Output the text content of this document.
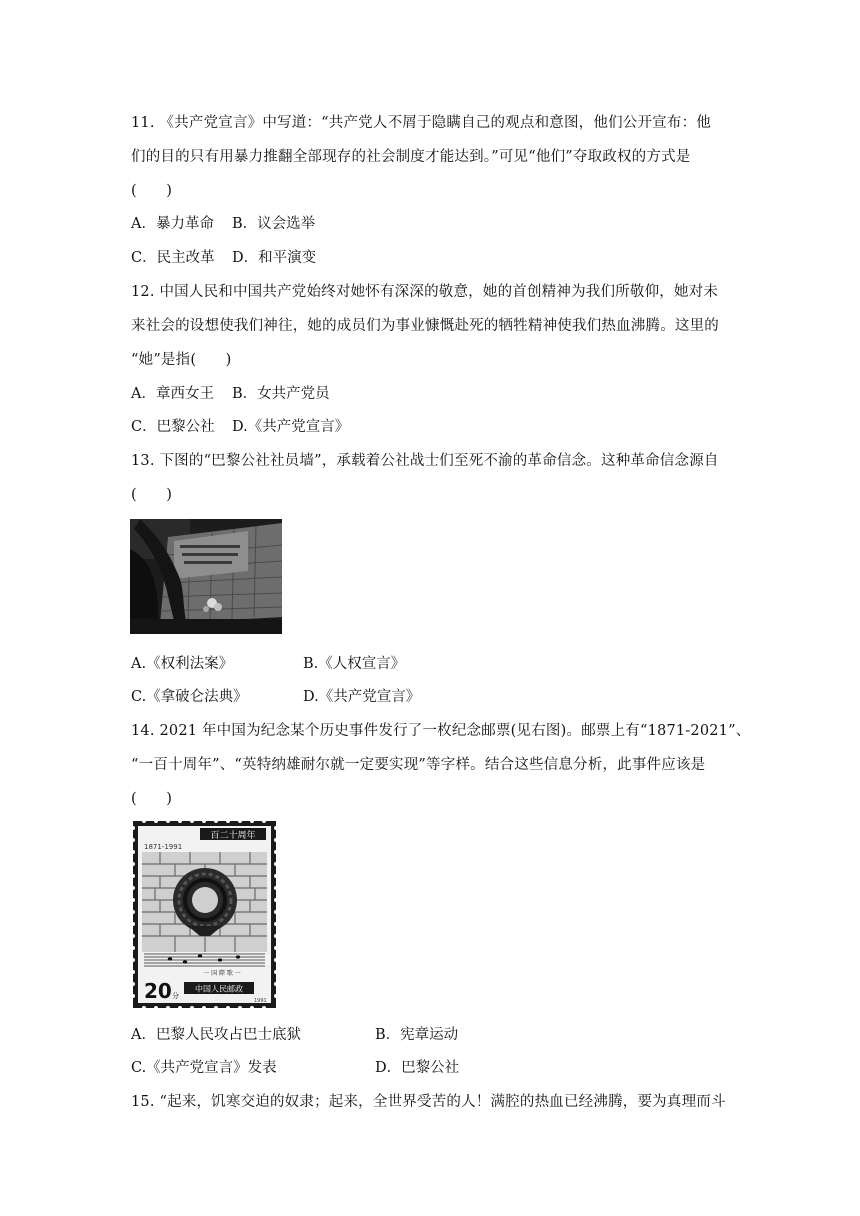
11. 《共产党宣言》中写道：“共产党人不屑于隐瞒自己的观点和意图，他们公开宣布：他
们的目的只有用暴力推翻全部现存的社会制度才能达到。”可见“他们”夺取政权的方式是
(　　)
A．暴力革命 B．议会选举
C．民主改革 D．和平演变
12. 中国人民和中国共产党始终对她怀有深深的敬意，她的首创精神为我们所敬仰，她对未
来社会的设想使我们神往，她的成员们为事业慷慨赴死的牺牲精神使我们热血沸腾。这里的
“她”是指(　　)
A．章西女王 B．女共产党员
C．巴黎公社 D.《共产党宣言》
13. 下图的“巴黎公社社员墙”，承载着公社战士们至死不渝的革命信念。这种革命信念源自
(　　)
A.《权利法案》	B.《人权宣言》
C.《拿破仑法典》	D.《共产党宣言》
14. 2021 年中国为纪念某个历史事件发行了一枚纪念邮票(见右图)。邮票上有“1871-2021”、
“一百十周年”、“英特纳雄耐尔就一定要实现”等字样。结合这些信息分析，此事件应该是
(　　)
百二十周年
1871-1991
一 国 際 歌 一
20 分
中国人民邮政
1991
A．巴黎人民攻占巴士底狱	B．宪章运动
C.《共产党宣言》发表	D．巴黎公社
15. “起来，饥寒交迫的奴隶；起来，全世界受苦的人！满腔的热血已经沸腾，要为真理而斗
